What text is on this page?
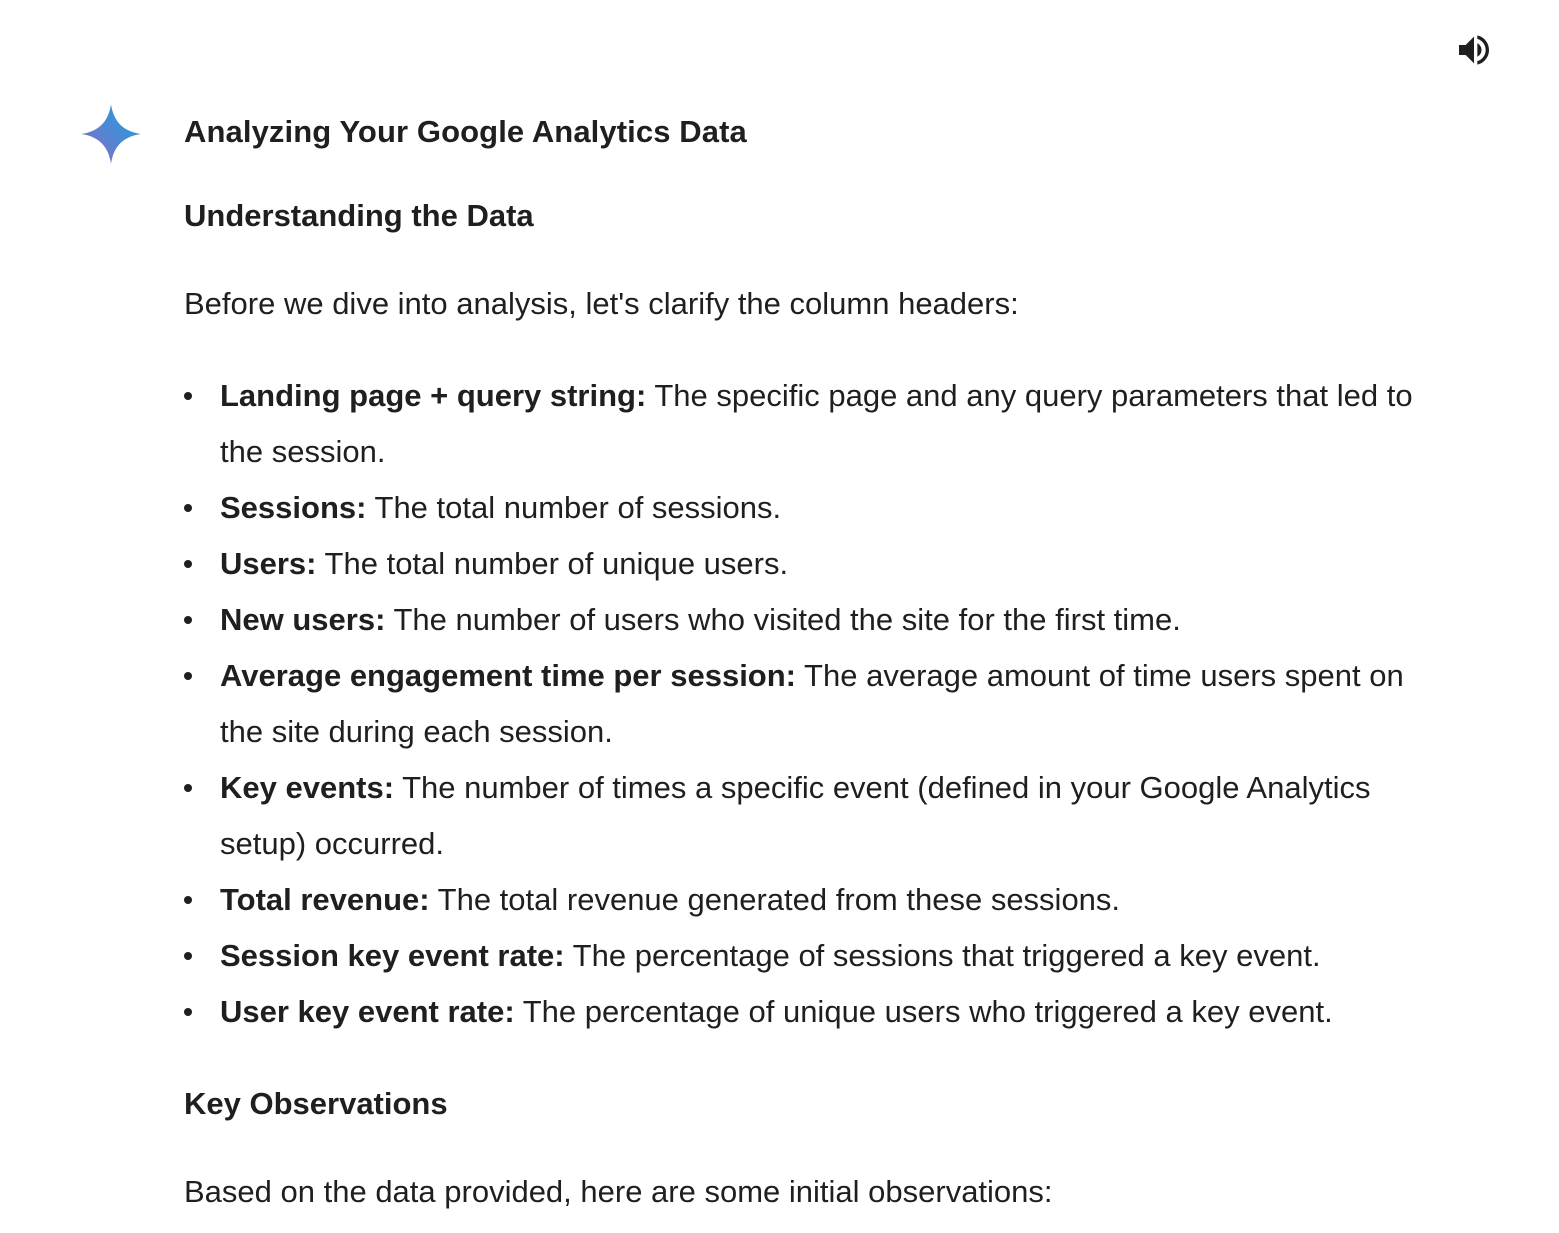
Analyzing Your Google Analytics Data
Understanding the Data

Before we dive into analysis, let's clarify the column headers:

Landing page + query string: The specific page and any query parameters that led to the session.
Sessions: The total number of sessions.
Users: The total number of unique users.
New users: The number of users who visited the site for the first time.
Average engagement time per session: The average amount of time users spent on the site during each session.
Key events: The number of times a specific event (defined in your Google Analytics setup) occurred.
Total revenue: The total revenue generated from these sessions.
Session key event rate: The percentage of sessions that triggered a key event.
User key event rate: The percentage of unique users who triggered a key event.
Key Observations

Based on the data provided, here are some initial observations:
